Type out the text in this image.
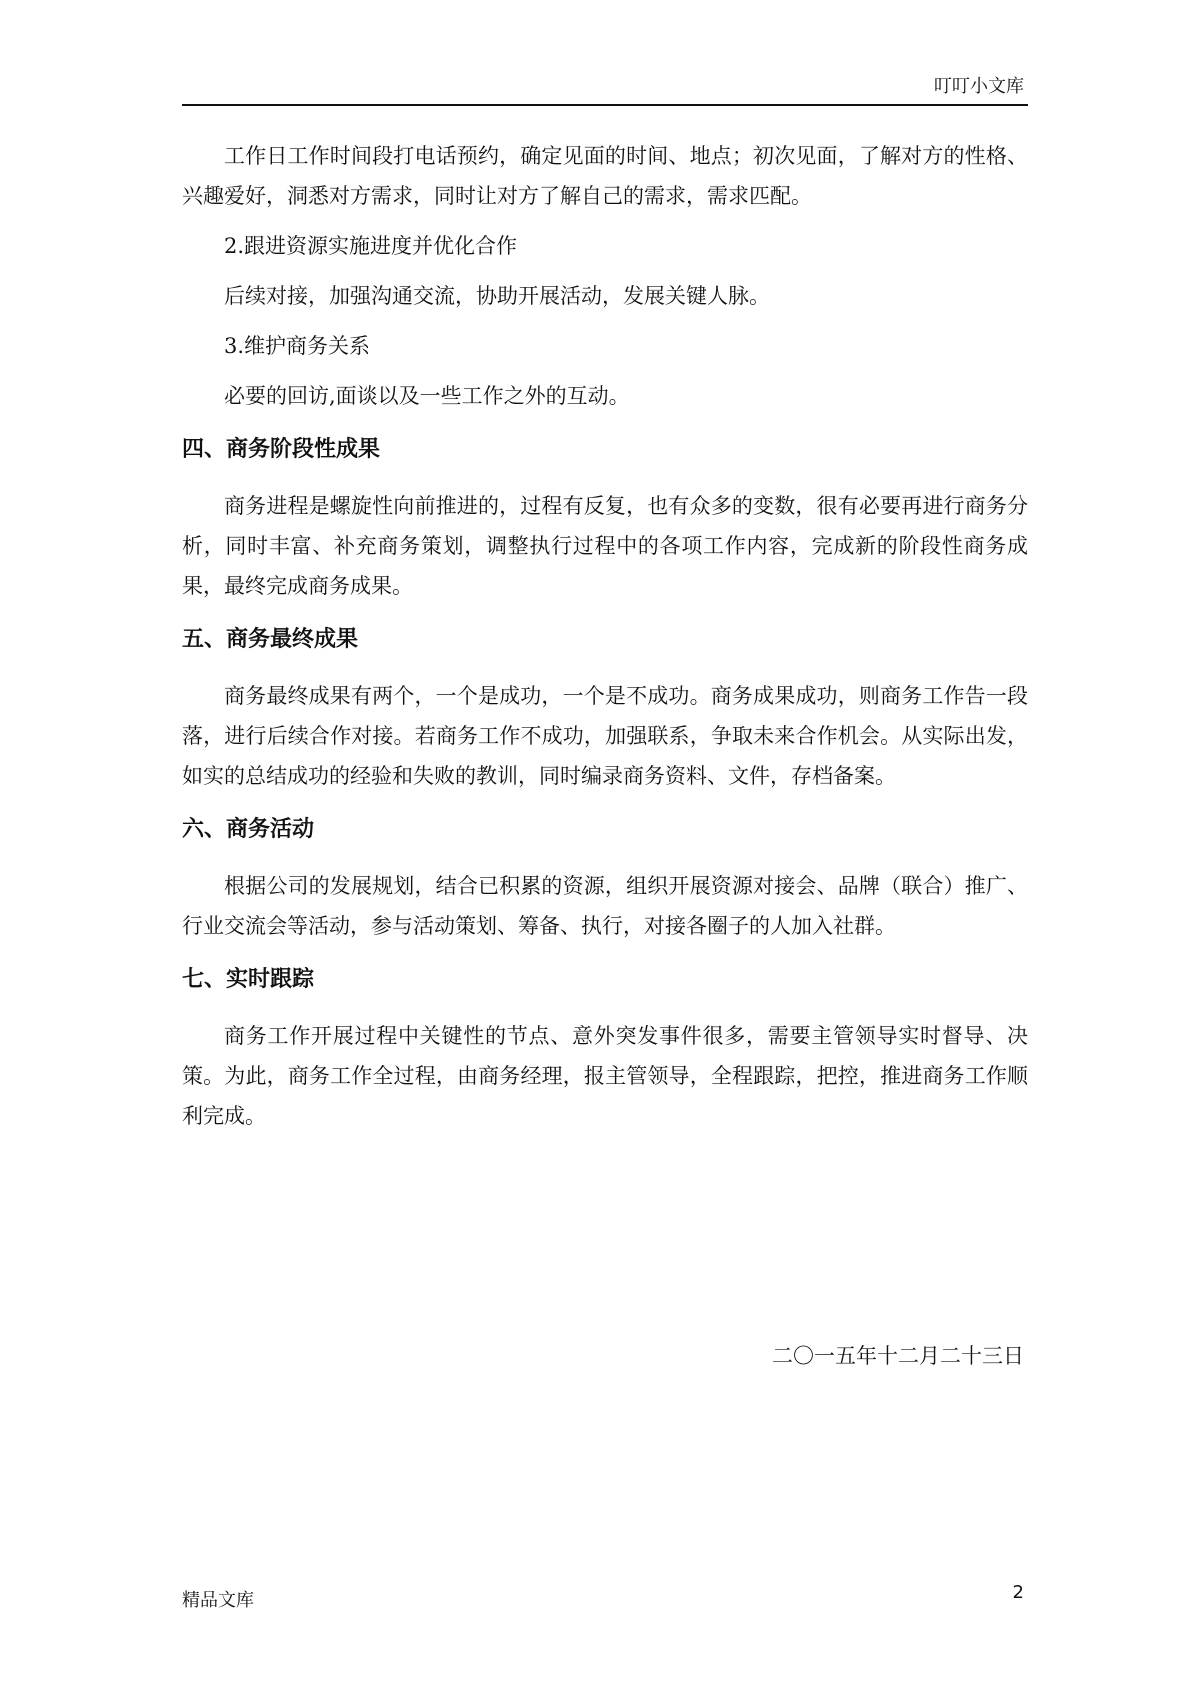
叮叮小文库

工作日工作时间段打电话预约，确定见面的时间、地点；初次见面，了解对方的性格、兴趣爱好，洞悉对方需求，同时让对方了解自己的需求，需求匹配。

2.跟进资源实施进度并优化合作

后续对接，加强沟通交流，协助开展活动，发展关键人脉。

3.维护商务关系

必要的回访,面谈以及一些工作之外的互动。

四、商务阶段性成果

商务进程是螺旋性向前推进的，过程有反复，也有众多的变数，很有必要再进行商务分析，同时丰富、补充商务策划，调整执行过程中的各项工作内容，完成新的阶段性商务成果，最终完成商务成果。

五、商务最终成果

商务最终成果有两个，一个是成功，一个是不成功。商务成果成功，则商务工作告一段落，进行后续合作对接。若商务工作不成功，加强联系，争取未来合作机会。从实际出发，如实的总结成功的经验和失败的教训，同时编录商务资料、文件，存档备案。

六、商务活动

根据公司的发展规划，结合已积累的资源，组织开展资源对接会、品牌（联合）推广、行业交流会等活动，参与活动策划、筹备、执行，对接各圈子的人加入社群。

七、实时跟踪

商务工作开展过程中关键性的节点、意外突发事件很多，需要主管领导实时督导、决策。为此，商务工作全过程，由商务经理，报主管领导，全程跟踪，把控，推进商务工作顺利完成。

二〇一五年十二月二十三日
精品文库	2
